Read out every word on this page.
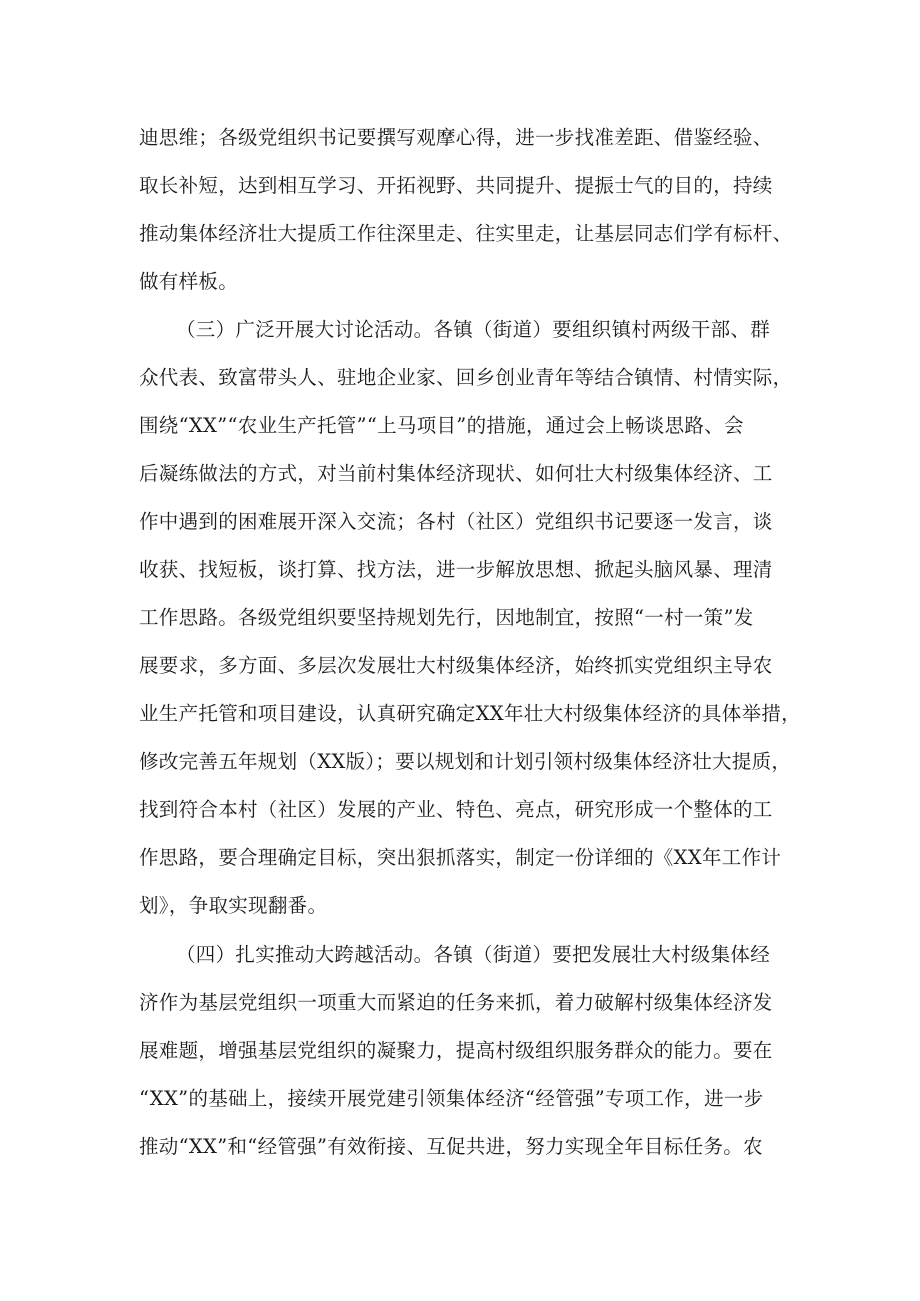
迪思维；各级党组织书记要撰写观摩心得，进一步找准差距、借鉴经验、
取长补短，达到相互学习、开拓视野、共同提升、提振士气的目的，持续
推动集体经济壮大提质工作往深里走、往实里走，让基层同志们学有标杆、
做有样板。
（三）广泛开展大讨论活动。各镇（街道）要组织镇村两级干部、群
众代表、致富带头人、驻地企业家、回乡创业青年等结合镇情、村情实际，
围绕“XX”“农业生产托管”“上马项目”的措施，通过会上畅谈思路、会
后凝练做法的方式，对当前村集体经济现状、如何壮大村级集体经济、工
作中遇到的困难展开深入交流；各村（社区）党组织书记要逐一发言，谈
收获、找短板，谈打算、找方法，进一步解放思想、掀起头脑风暴、理清
工作思路。各级党组织要坚持规划先行，因地制宜，按照“一村一策”发
展要求，多方面、多层次发展壮大村级集体经济，始终抓实党组织主导农
业生产托管和项目建设，认真研究确定XX年壮大村级集体经济的具体举措，
修改完善五年规划（XX版）；要以规划和计划引领村级集体经济壮大提质，
找到符合本村（社区）发展的产业、特色、亮点，研究形成一个整体的工
作思路，要合理确定目标，突出狠抓落实，制定一份详细的《XX年工作计
划》，争取实现翻番。
（四）扎实推动大跨越活动。各镇（街道）要把发展壮大村级集体经
济作为基层党组织一项重大而紧迫的任务来抓，着力破解村级集体经济发
展难题，增强基层党组织的凝聚力，提高村级组织服务群众的能力。要在
“XX”的基础上，接续开展党建引领集体经济“经管强”专项工作，进一步
推动“XX”和“经管强”有效衔接、互促共进，努力实现全年目标任务。农
